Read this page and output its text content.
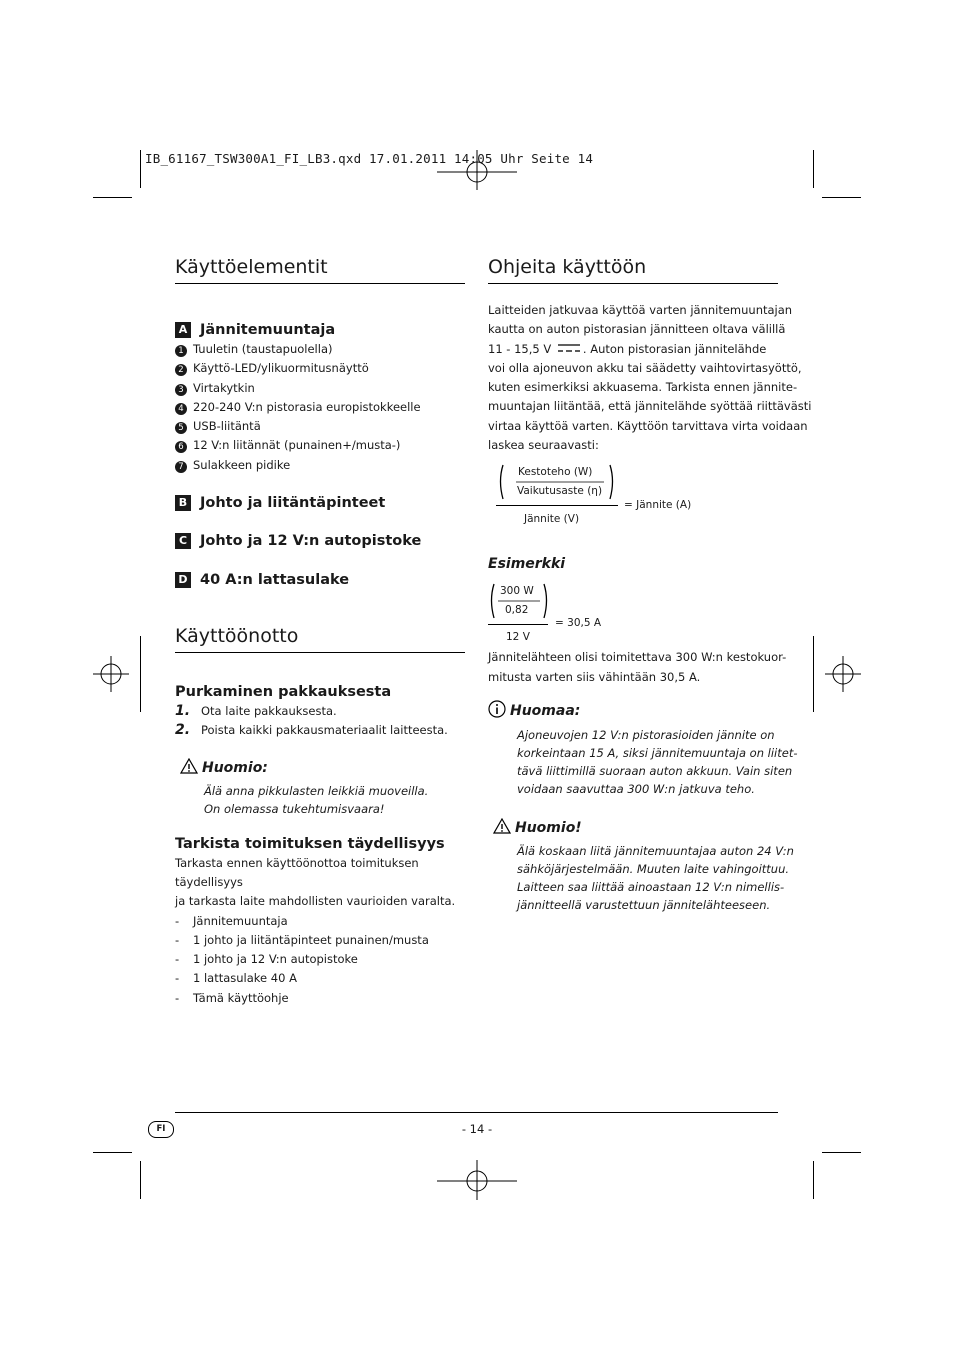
IB_61167_TSW300A1_FI_LB3.qxd 17.01.2011 14:05 Uhr Seite 14
Käyttöelementit
A Jännitemuuntaja
1 Tuuletin (taustapuolella)
2 Käyttö-LED/ylikuormitusnäyttö
3 Virtakytkin
4 220-240 V:n pistorasia europistokkeelle
5 USB-liitäntä
6 12 V:n liitännät (punainen+/musta-)
7 Sulakkeen pidike
B Johto ja liitäntäpinteet
C Johto ja 12 V:n autopistoke
D 40 A:n lattasulake
Käyttöönotto
Purkaminen pakkauksesta
1. Ota laite pakkauksesta.
2. Poista kaikki pakkausmateriaalit laitteesta.
Huomio:
Älä anna pikkulasten leikkiä muoveilla.
On olemassa tukehtumisvaara!
Tarkista toimituksen täydellisyys
Tarkasta ennen käyttöönottoa toimituksen täydellisyys
ja tarkasta laite mahdollisten vaurioiden varalta.
- Jännitemuuntaja
- 1 johto ja liitäntäpinteet punainen/musta
- 1 johto ja 12 V:n autopistoke
- 1 lattasulake 40 A
- Tämä käyttöohje
Ohjeita käyttöön
Laitteiden jatkuvaa käyttöä varten jännitemuuntajan
kautta on auton pistorasian jännitteen oltava välillä
11 - 15,5 V	. Auton pistorasian jännitelähde
voi olla ajoneuvon akku tai säädetty vaihtovirtasyöttö,
kuten esimerkiksi akkuasema. Tarkista ennen jännite-
muuntajan liitäntää, että jännitelähde syöttää riittävästi
virtaa käyttöä varten. Käyttöön tarvittava virta voidaan
laskea seuraavasti:
Kestoteho (W)
Vaikutusaste (η)
= Jännite (A)
Jännite (V)
Esimerkki
300 W
0,82
= 30,5 A
12 V
Jännitelähteen olisi toimitettava 300 W:n kestokuor-
mitusta varten siis vähintään 30,5 A.
Huomaa:
Ajoneuvojen 12 V:n pistorasioiden jännite on
korkeintaan 15 A, siksi jännitemuuntaja on liitet-
tävä liittimillä suoraan auton akkuun. Vain siten
voidaan saavuttaa 300 W:n jatkuva teho.
Huomio!
Älä koskaan liitä jännitemuuntajaa auton 24 V:n
sähköjärjestelmään. Muuten laite vahingoittuu.
Laitteen saa liittää ainoastaan 12 V:n nimellis-
jännitteellä varustettuun jännitelähteeseen.
FI	- 14 -
